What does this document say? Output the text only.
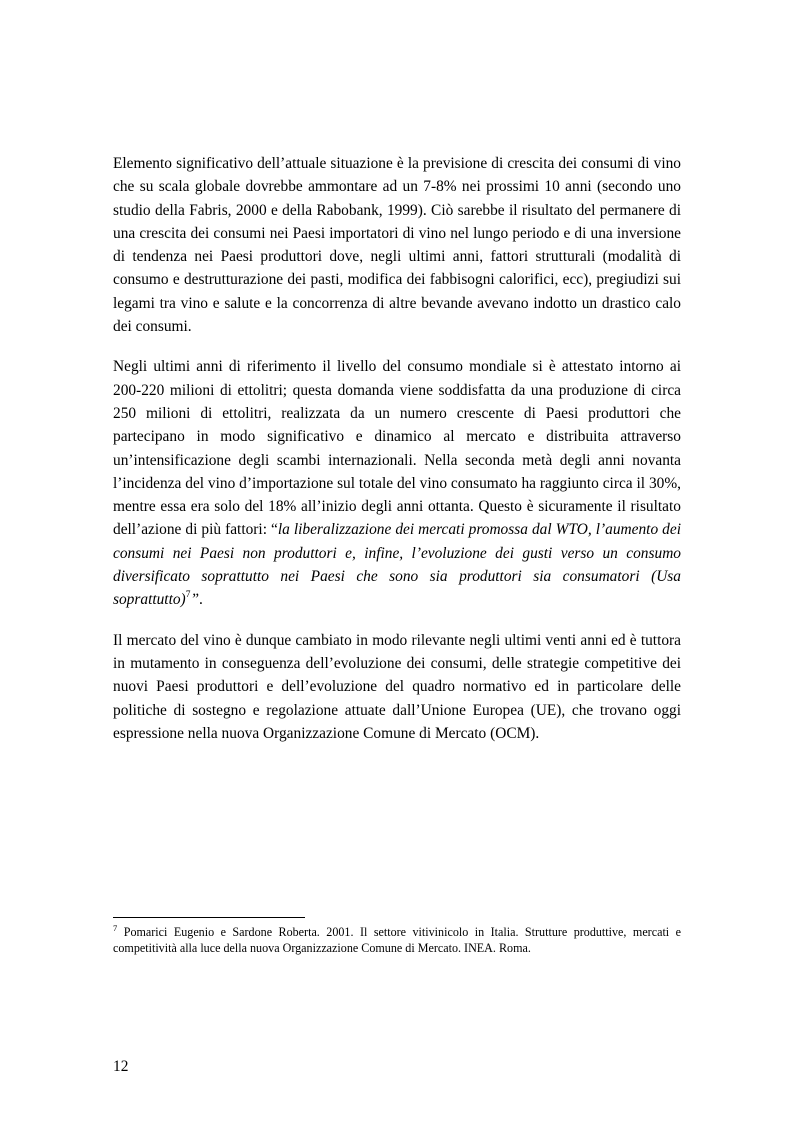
Elemento significativo dell’attuale situazione è la previsione di crescita dei consumi di vino che su scala globale dovrebbe ammontare ad un 7-8% nei prossimi 10 anni (secondo uno studio della Fabris, 2000 e della Rabobank, 1999). Ciò sarebbe il risultato del permanere di una crescita dei consumi nei Paesi importatori di vino nel lungo periodo e di una inversione di tendenza nei Paesi produttori dove, negli ultimi anni, fattori strutturali (modalità di consumo e destrutturazione dei pasti, modifica dei fabbisogni calorifici, ecc), pregiudizi sui legami tra vino e salute e la concorrenza di altre bevande avevano indotto un drastico calo dei consumi.

Negli ultimi anni di riferimento il livello del consumo mondiale si è attestato intorno ai 200-220 milioni di ettolitri; questa domanda viene soddisfatta da una produzione di circa 250 milioni di ettolitri, realizzata da un numero crescente di Paesi produttori che partecipano in modo significativo e dinamico al mercato e distribuita attraverso un’intensificazione degli scambi internazionali. Nella seconda metà degli anni novanta l’incidenza del vino d’importazione sul totale del vino consumato ha raggiunto circa il 30%, mentre essa era solo del 18% all’inizio degli anni ottanta. Questo è sicuramente il risultato dell’azione di più fattori: “la liberalizzazione dei mercati promossa dal WTO, l’aumento dei consumi nei Paesi non produttori e, infine, l’evoluzione dei gusti verso un consumo diversificato soprattutto nei Paesi che sono sia produttori sia consumatori (Usa soprattutto)$^7$”.

Il mercato del vino è dunque cambiato in modo rilevante negli ultimi venti anni ed è tuttora in mutamento in conseguenza dell’evoluzione dei consumi, delle strategie competitive dei nuovi Paesi produttori e dell’evoluzione del quadro normativo ed in particolare delle politiche di sostegno e regolazione attuate dall’Unione Europea (UE), che trovano oggi espressione nella nuova Organizzazione Comune di Mercato (OCM).

$^7$ Pomarici Eugenio e Sardone Roberta. 2001. Il settore vitivinicolo in Italia. Strutture produttive, mercati e competitività alla luce della nuova Organizzazione Comune di Mercato. INEA. Roma.

12
